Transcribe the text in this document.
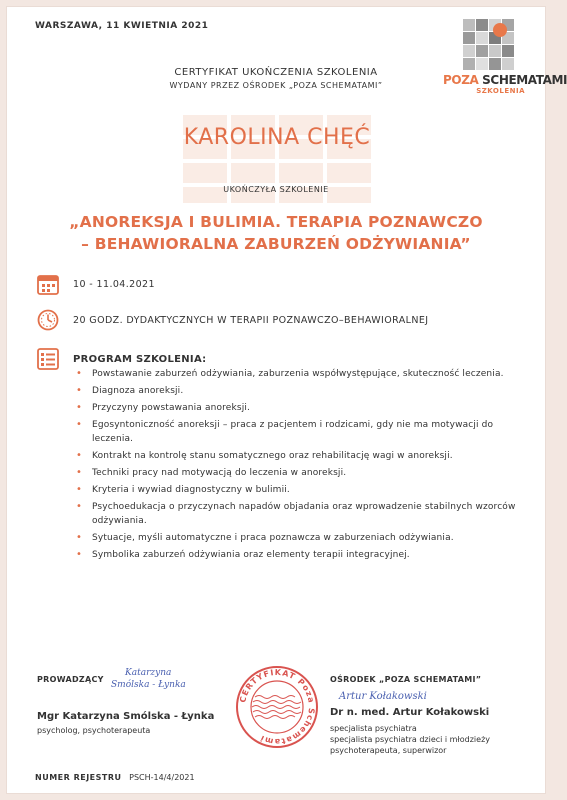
WARSZAWA, 11 KWIETNIA 2021
POZA SCHEMATAMI
SZKOLENIA
CERTYFIKAT UKOŃCZENIA SZKOLENIA
WYDANY PRZEZ OŚRODEK „POZA SCHEMATAMI”
KAROLINA CHĘĆ
UKOŃCZYŁA SZKOLENIE
„ANOREKSJA I BULIMIA. TERAPIA POZNAWCZO
– BEHAWIORALNA ZABURZEŃ ODŻYWIANIA”
10 - 11.04.2021
20 GODZ. DYDAKTYCZNYCH W TERAPII POZNAWCZO–BEHAWIORALNEJ
PROGRAM SZKOLENIA:
• Powstawanie zaburzeń odżywiania, zaburzenia współwystępujące, skuteczność leczenia.
• Diagnoza anoreksji.
• Przyczyny powstawania anoreksji.
• Egosyntoniczność anoreksji – praca z pacjentem i rodzicami, gdy nie ma motywacji do leczenia.
• Kontrakt na kontrolę stanu somatycznego oraz rehabilitację wagi w anoreksji.
• Techniki pracy nad motywacją do leczenia w anoreksji.
• Kryteria i wywiad diagnostyczny w bulimii.
• Psychoedukacja o przyczynach napadów objadania oraz wprowadzenie stabilnych wzorców odżywiania.
• Sytuacje, myśli automatyczne i praca poznawcza w zaburzeniach odżywiania.
• Symbolika zaburzeń odżywiania oraz elementy terapii integracyjnej.
PROWADZĄCY
Katarzyna
Smólska - Łynka
Mgr Katarzyna Smólska - Łynka
psycholog, psychoterapeuta
CERTYFIKAT Poza Schematami
OŚRODEK „POZA SCHEMATAMI”
Artur Kołakowski
Dr n. med. Artur Kołakowski
specjalista psychiatra
specjalista psychiatra dzieci i młodzieży
psychoterapeuta, superwizor
NUMER REJESTRU PSCH-14/4/2021
